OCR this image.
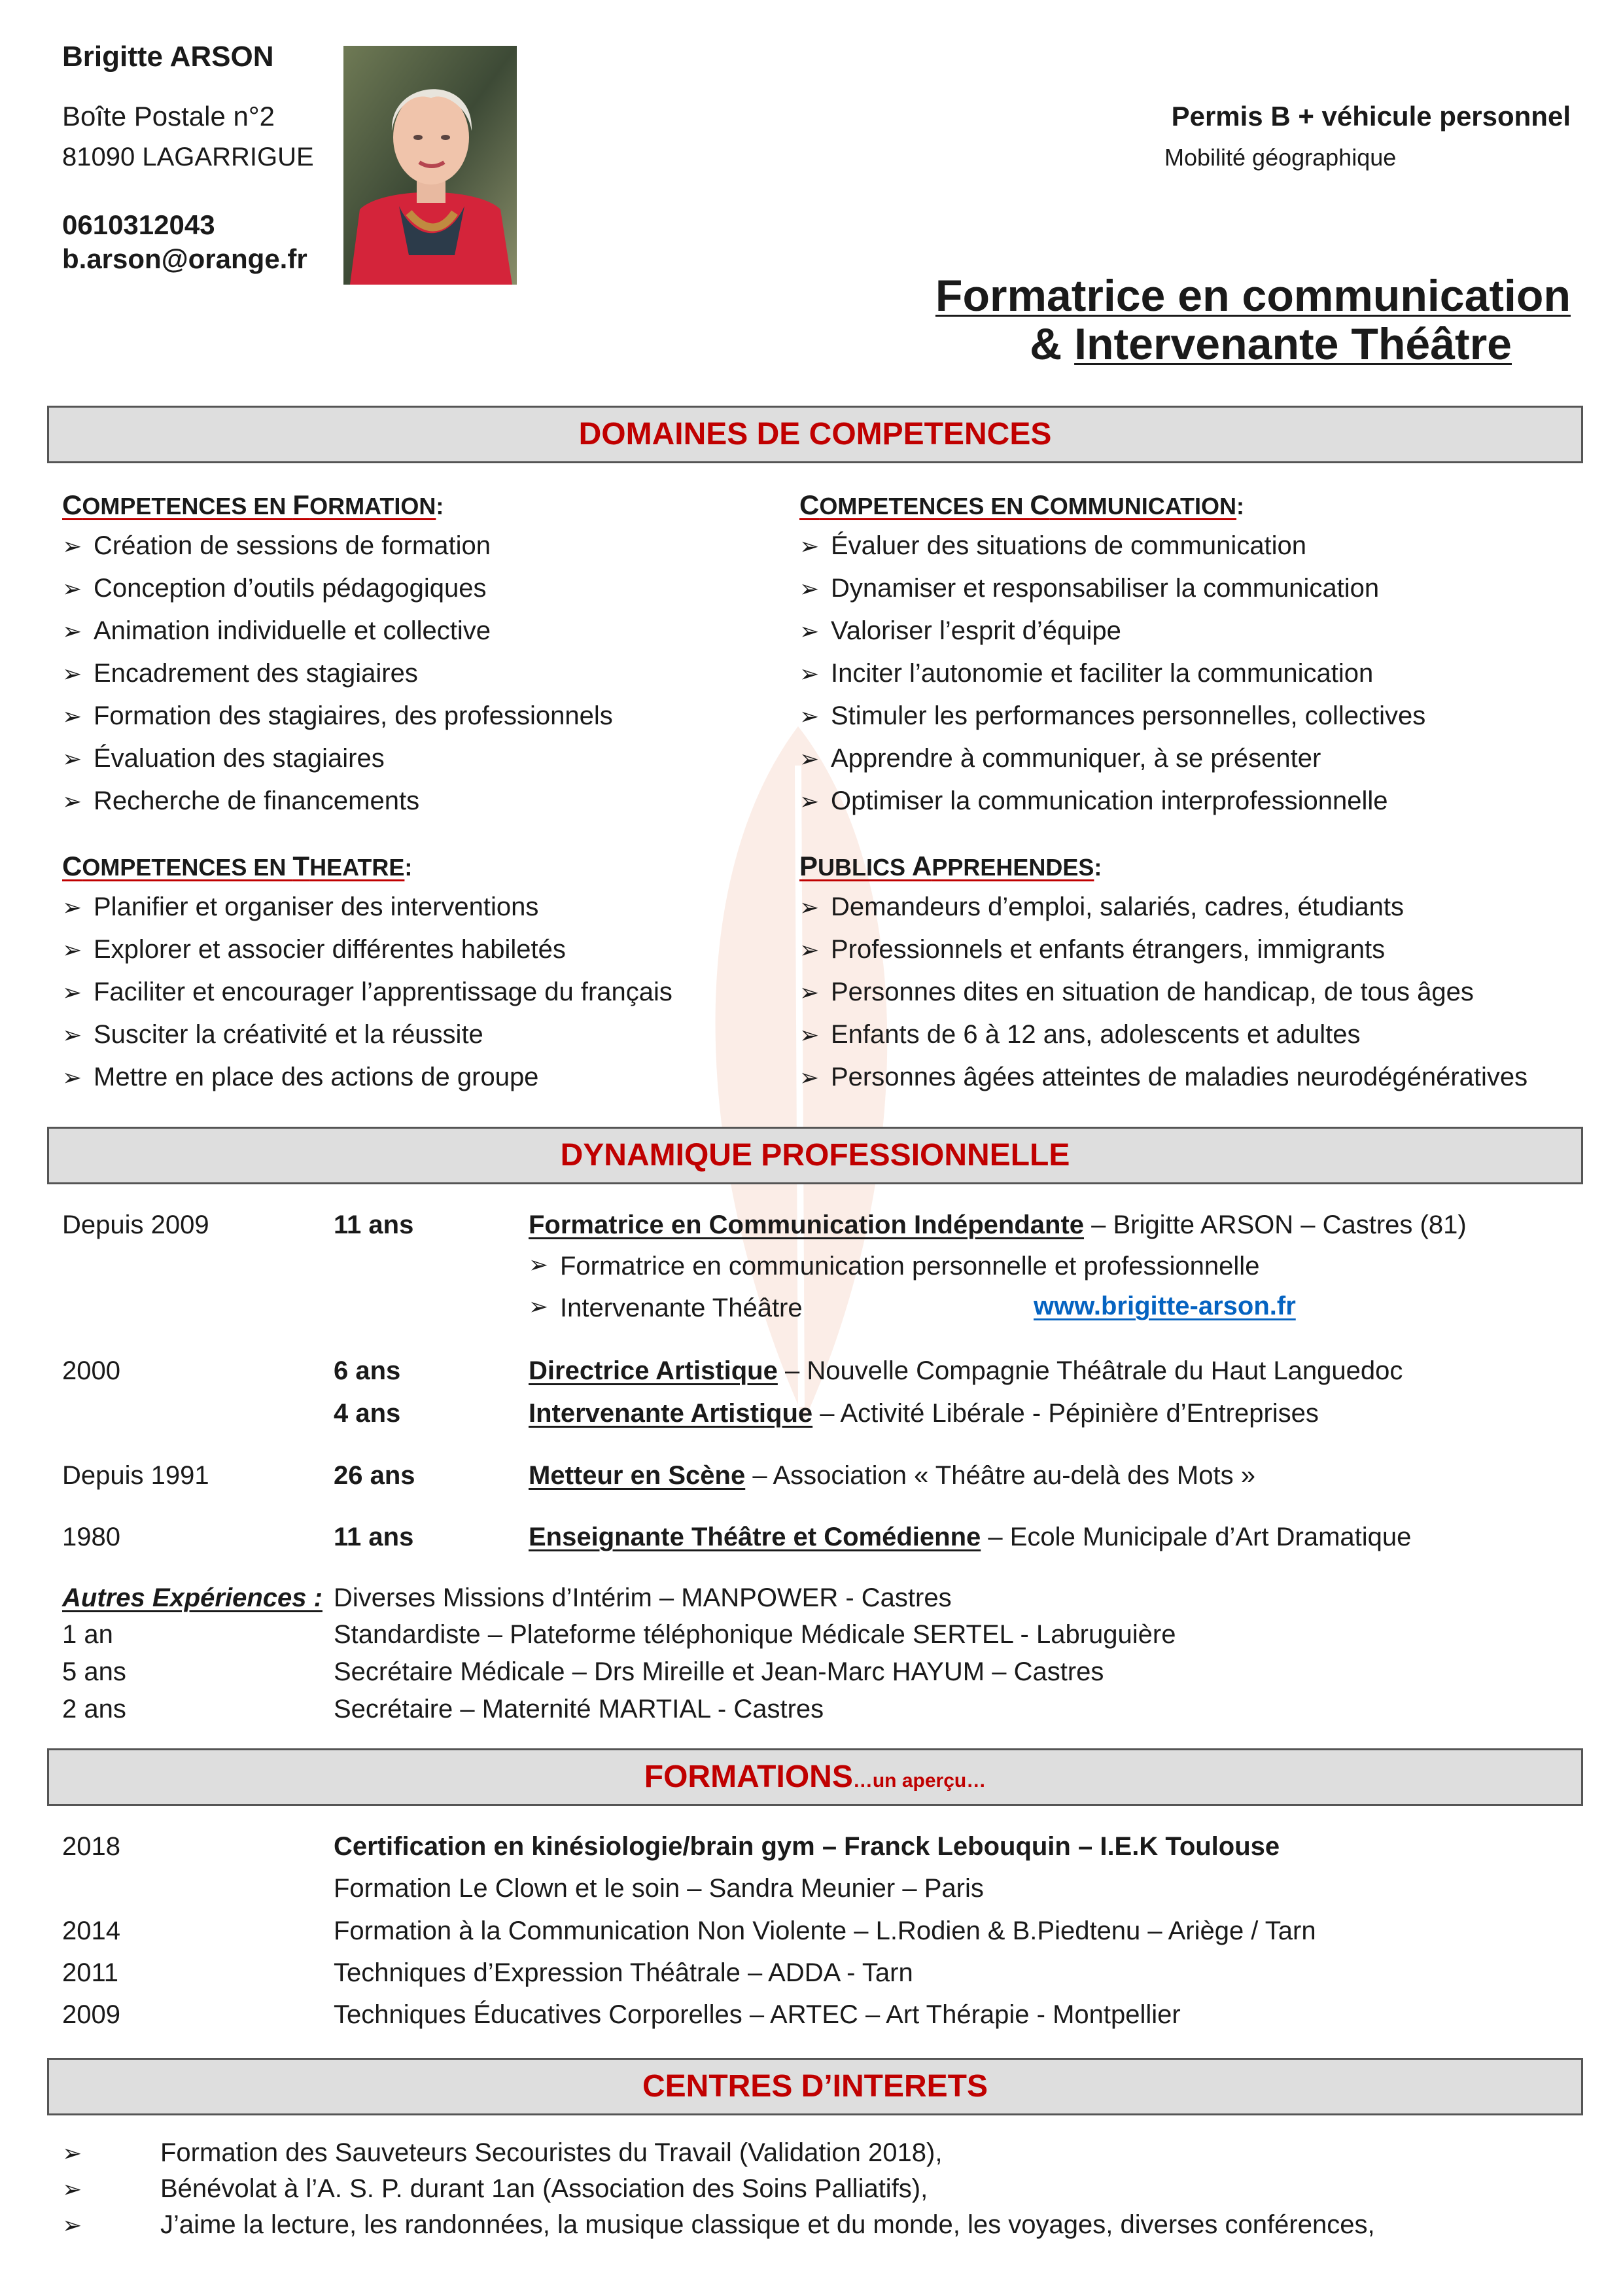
Brigitte ARSON
Boîte Postale n°2
81090 LAGARRIGUE
0610312043
b.arson@orange.fr
Permis B + véhicule personnel
Mobilité géographique
Formatrice en communication
& Intervenante Théâtre
DOMAINES DE COMPETENCES
COMPETENCES EN FORMATION:
➢ Création de sessions de formation
➢ Conception d’outils pédagogiques
➢ Animation individuelle et collective
➢ Encadrement des stagiaires
➢ Formation des stagiaires, des professionnels
➢ Évaluation des stagiaires
➢ Recherche de financements
COMPETENCES EN COMMUNICATION:
➢ Évaluer des situations de communication
➢ Dynamiser et responsabiliser la communication
➢ Valoriser l’esprit d’équipe
➢ Inciter l’autonomie et faciliter la communication
➢ Stimuler les performances personnelles, collectives
➢ Apprendre à communiquer, à se présenter
➢ Optimiser la communication interprofessionnelle
COMPETENCES EN THEATRE:
➢ Planifier et organiser des interventions
➢ Explorer et associer différentes habiletés
➢ Faciliter et encourager l’apprentissage du français
➢ Susciter la créativité et la réussite
➢ Mettre en place des actions de groupe
PUBLICS APPREHENDES:
➢ Demandeurs d’emploi, salariés, cadres, étudiants
➢ Professionnels et enfants étrangers, immigrants
➢ Personnes dites en situation de handicap, de tous âges
➢ Enfants de 6 à 12 ans, adolescents et adultes
➢ Personnes âgées atteintes de maladies neurodégénératives
DYNAMIQUE PROFESSIONNELLE
Depuis 2009	11 ans	Formatrice en Communication Indépendante – Brigitte ARSON – Castres (81)
➢ Formatrice en communication personnelle et professionnelle
➢ Intervenante Théâtre	www.brigitte-arson.fr
2000	6 ans	Directrice Artistique – Nouvelle Compagnie Théâtrale du Haut Languedoc
4 ans	Intervenante Artistique – Activité Libérale - Pépinière d’Entreprises
Depuis 1991	26 ans	Metteur en Scène – Association « Théâtre au-delà des Mots »
1980	11 ans	Enseignante Théâtre et Comédienne – Ecole Municipale d’Art Dramatique
Autres Expériences : Diverses Missions d’Intérim – MANPOWER - Castres
1 an	Standardiste – Plateforme téléphonique Médicale SERTEL - Labruguière
5 ans	Secrétaire Médicale – Drs Mireille et Jean-Marc HAYUM – Castres
2 ans	Secrétaire – Maternité MARTIAL - Castres
FORMATIONS…un aperçu…
2018	Certification en kinésiologie/brain gym – Franck Lebouquin – I.E.K Toulouse
Formation Le Clown et le soin – Sandra Meunier – Paris
2014	Formation à la Communication Non Violente – L.Rodien & B.Piedtenu – Ariège / Tarn
2011	Techniques d’Expression Théâtrale – ADDA - Tarn
2009	Techniques Éducatives Corporelles – ARTEC – Art Thérapie - Montpellier
CENTRES D’INTERETS
➢	Formation des Sauveteurs Secouristes du Travail (Validation 2018),
➢	Bénévolat à l’A. S. P. durant 1an (Association des Soins Palliatifs),
➢	J’aime la lecture, les randonnées, la musique classique et du monde, les voyages, diverses conférences,
